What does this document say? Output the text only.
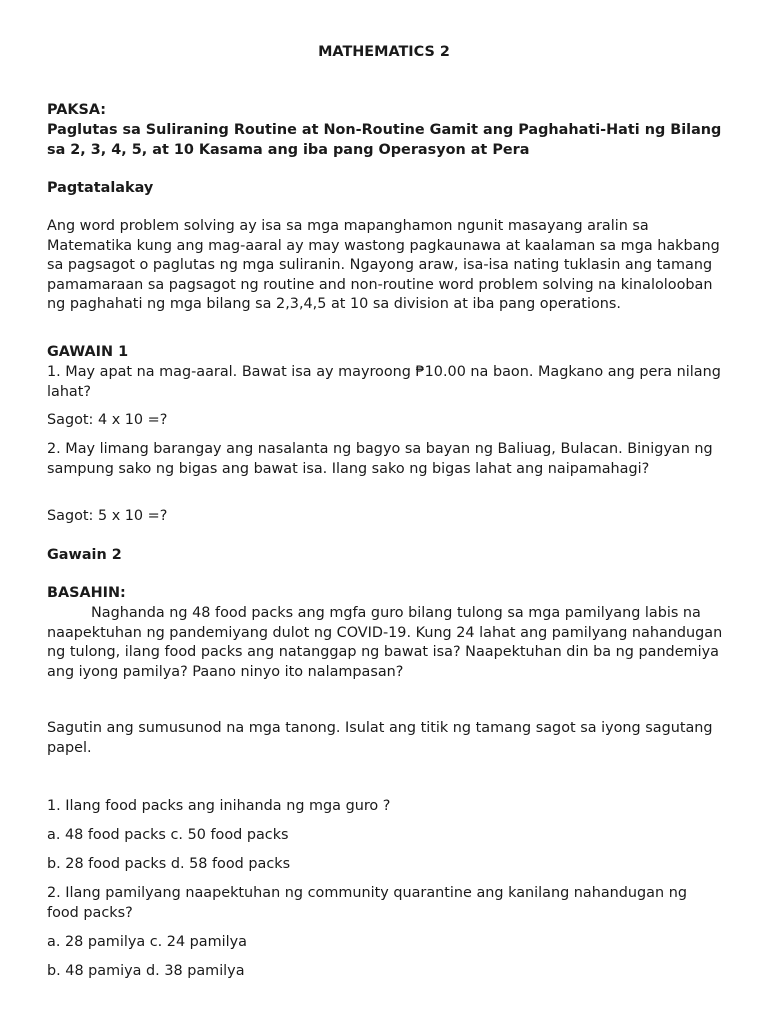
MATHEMATICS 2

PAKSA:

Paglutas sa Suliraning Routine at Non-Routine Gamit ang Paghahati-Hati ng Bilang sa 2, 3, 4, 5, at 10 Kasama ang iba pang Operasyon at Pera

Pagtatalakay

Ang word problem solving ay isa sa mga mapanghamon ngunit masayang aralin sa Matematika kung ang mag-aaral ay may wastong pagkaunawa at kaalaman sa mga hakbang sa pagsagot o paglutas ng mga suliranin. Ngayong araw, isa-isa nating tuklasin ang tamang pamamaraan sa pagsagot ng routine and non-routine word problem solving na kinalolooban ng paghahati ng mga bilang sa 2,3,4,5 at 10 sa division at iba pang operations.

GAWAIN 1

1. May apat na mag-aaral. Bawat isa ay mayroong ₱10.00 na baon. Magkano ang pera nilang lahat?

Sagot: 4 x 10 =?

2. May limang barangay ang nasalanta ng bagyo sa bayan ng Baliuag, Bulacan. Binigyan ng sampung sako ng bigas ang bawat isa. Ilang sako ng bigas lahat ang naipamahagi?

Sagot: 5 x 10 =?

Gawain 2

BASAHIN:

Naghanda ng 48 food packs ang mgfa guro bilang tulong sa mga pamilyang labis na naapektuhan ng pandemiyang dulot ng COVID-19. Kung 24 lahat ang pamilyang nahandugan ng tulong, ilang food packs ang natanggap ng bawat isa? Naapektuhan din ba ng pandemiya ang iyong pamilya? Paano ninyo ito nalampasan?

Sagutin ang sumusunod na mga tanong. Isulat ang titik ng tamang sagot sa iyong sagutang papel.

1. Ilang food packs ang inihanda ng mga guro ?

a. 48 food packs c. 50 food packs

b. 28 food packs d. 58 food packs

2. Ilang pamilyang naapektuhan ng community quarantine ang kanilang nahandugan ng food packs?

a. 28 pamilya c. 24 pamilya

b. 48 pamiya d. 38 pamilya
